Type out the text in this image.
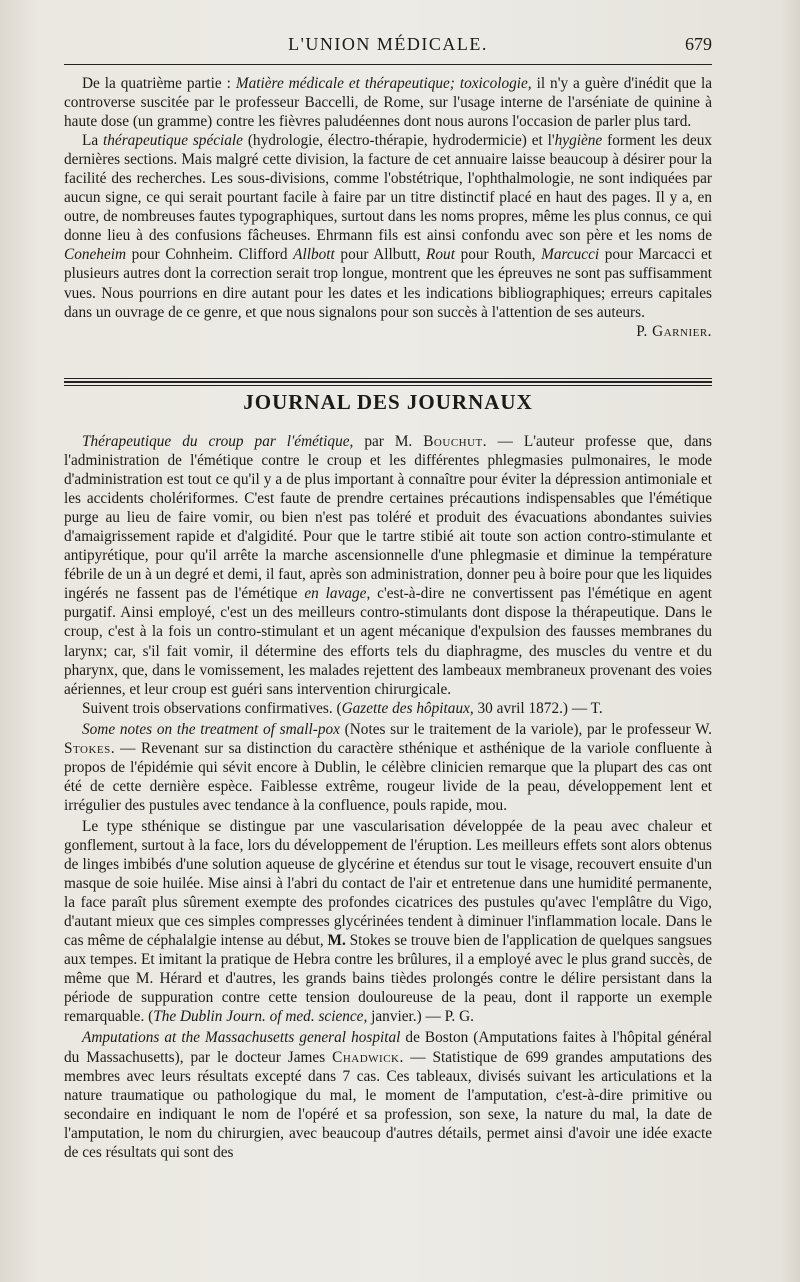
L'UNION MÉDICALE.	679

De la quatrième partie : Matière médicale et thérapeutique; toxicologie, il n'y a guère d'inédit que la controverse suscitée par le professeur Baccelli, de Rome, sur l'usage interne de l'arséniate de quinine à haute dose (un gramme) contre les fièvres paludéennes dont nous aurons l'occasion de parler plus tard.

La thérapeutique spéciale (hydrologie, électro-thérapie, hydrodermicie) et l'hygiène forment les deux dernières sections. Mais malgré cette division, la facture de cet annuaire laisse beaucoup à désirer pour la facilité des recherches. Les sous-divisions, comme l'obstétrique, l'ophthalmologie, ne sont indiquées par aucun signe, ce qui serait pourtant facile à faire par un titre distinctif placé en haut des pages. Il y a, en outre, de nombreuses fautes typographiques, surtout dans les noms propres, même les plus connus, ce qui donne lieu à des confusions fâcheuses. Ehrmann fils est ainsi confondu avec son père et les noms de Coneheim pour Cohnheim. Clifford Allbott pour Allbutt, Rout pour Routh, Marcucci pour Marcacci et plusieurs autres dont la correction serait trop longue, montrent que les épreuves ne sont pas suffisamment vues. Nous pourrions en dire autant pour les dates et les indications bibliographiques; erreurs capitales dans un ouvrage de ce genre, et que nous signalons pour son succès à l'attention de ses auteurs.
P. Garnier.

JOURNAL DES JOURNAUX

Thérapeutique du croup par l'émétique, par M. Bouchut. — L'auteur professe que, dans l'administration de l'émétique contre le croup et les différentes phlegmasies pulmonaires, le mode d'administration est tout ce qu'il y a de plus important à connaître pour éviter la dépression antimoniale et les accidents cholériformes. C'est faute de prendre certaines précautions indispensables que l'émétique purge au lieu de faire vomir, ou bien n'est pas toléré et produit des évacuations abondantes suivies d'amaigrissement rapide et d'algidité. Pour que le tartre stibié ait toute son action contro-stimulante et antipyrétique, pour qu'il arrête la marche ascensionnelle d'une phlegmasie et diminue la température fébrile de un à un degré et demi, il faut, après son administration, donner peu à boire pour que les liquides ingérés ne fassent pas de l'émétique en lavage, c'est-à-dire ne convertissent pas l'émétique en agent purgatif. Ainsi employé, c'est un des meilleurs contro-stimulants dont dispose la thérapeutique. Dans le croup, c'est à la fois un contro-stimulant et un agent mécanique d'expulsion des fausses membranes du larynx; car, s'il fait vomir, il détermine des efforts tels du diaphragme, des muscles du ventre et du pharynx, que, dans le vomissement, les malades rejettent des lambeaux membraneux provenant des voies aériennes, et leur croup est guéri sans intervention chirurgicale.

Suivent trois observations confirmatives. (Gazette des hôpitaux, 30 avril 1872.) — T.

Some notes on the treatment of small-pox (Notes sur le traitement de la variole), par le professeur W. Stokes. — Revenant sur sa distinction du caractère sthénique et asthénique de la variole confluente à propos de l'épidémie qui sévit encore à Dublin, le célèbre clinicien remarque que la plupart des cas ont été de cette dernière espèce. Faiblesse extrême, rougeur livide de la peau, développement lent et irrégulier des pustules avec tendance à la confluence, pouls rapide, mou.

Le type sthénique se distingue par une vascularisation développée de la peau avec chaleur et gonflement, surtout à la face, lors du développement de l'éruption. Les meilleurs effets sont alors obtenus de linges imbibés d'une solution aqueuse de glycérine et étendus sur tout le visage, recouvert ensuite d'un masque de soie huilée. Mise ainsi à l'abri du contact de l'air et entretenue dans une humidité permanente, la face paraît plus sûrement exempte des profondes cicatrices des pustules qu'avec l'emplâtre du Vigo, d'autant mieux que ces simples compresses glycérinées tendent à diminuer l'inflammation locale. Dans le cas même de céphalalgie intense au début, M. Stokes se trouve bien de l'application de quelques sangsues aux tempes. Et imitant la pratique de Hebra contre les brûlures, il a employé avec le plus grand succès, de même que M. Hérard et d'autres, les grands bains tièdes prolongés contre le délire persistant dans la période de suppuration contre cette tension douloureuse de la peau, dont il rapporte un exemple remarquable. (The Dublin Journ. of med. science, janvier.) — P. G.

Amputations at the Massachusetts general hospital de Boston (Amputations faites à l'hôpital général du Massachusetts), par le docteur James Chadwick. — Statistique de 699 grandes amputations des membres avec leurs résultats excepté dans 7 cas. Ces tableaux, divisés suivant les articulations et la nature traumatique ou pathologique du mal, le moment de l'amputation, c'est-à-dire primitive ou secondaire en indiquant le nom de l'opéré et sa profession, son sexe, la nature du mal, la date de l'amputation, le nom du chirurgien, avec beaucoup d'autres détails, permet ainsi d'avoir une idée exacte de ces résultats qui sont des
